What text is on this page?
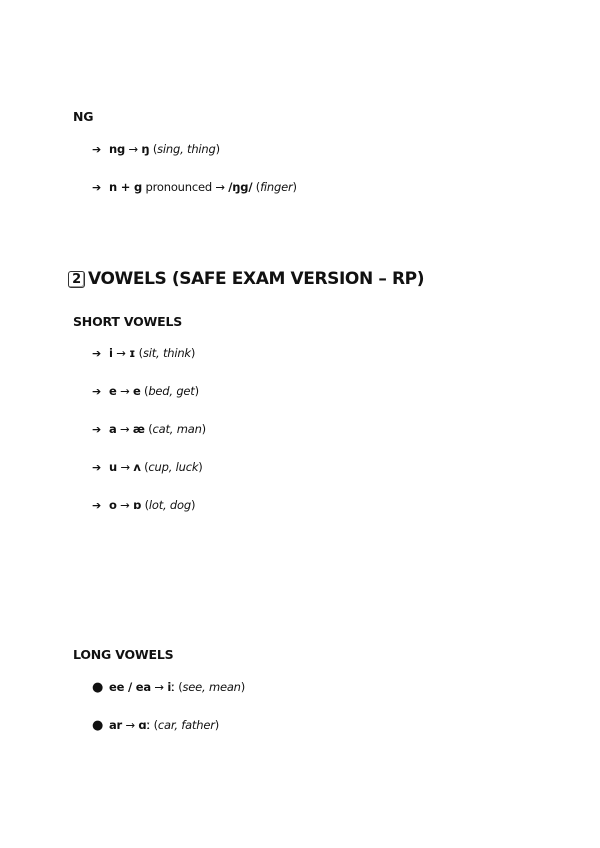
NG
➔ ng → ŋ ( sing, thing )
➔ n + g pronounced → /ŋg/ ( finger )
2 VOWELS (SAFE EXAM VERSION – RP)
SHORT VOWELS
➔ i → ɪ ( sit, think )
➔ e → e ( bed, get )
➔ a → æ ( cat, man )
➔ u → ʌ ( cup, luck )
➔ o → ɒ ( lot, dog )
LONG VOWELS
● ee / ea → iː ( see, mean )
● ar → ɑː ( car, father )
